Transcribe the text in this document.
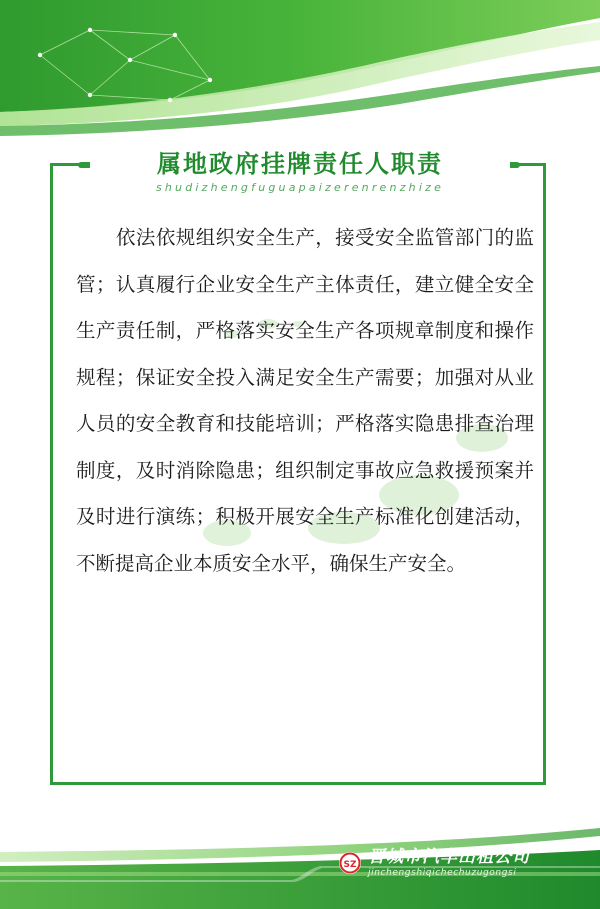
属地政府挂牌责任人职责

shudizhengfuguapaizerenrenzhize

依法依规组织安全生产，接受安全监管部门的监管；认真履行企业安全生产主体责任，建立健全安全生产责任制，严格落实安全生产各项规章制度和操作规程；保证安全投入满足安全生产需要；加强对从业人员的安全教育和技能培训；严格落实隐患排查治理制度，及时消除隐患；组织制定事故应急救援预案并及时进行演练；积极开展安全生产标准化创建活动，不断提高企业本质安全水平，确保生产安全。

SZ 晋城市汽车出租公司
jinchengshiqichechuzugongsi
